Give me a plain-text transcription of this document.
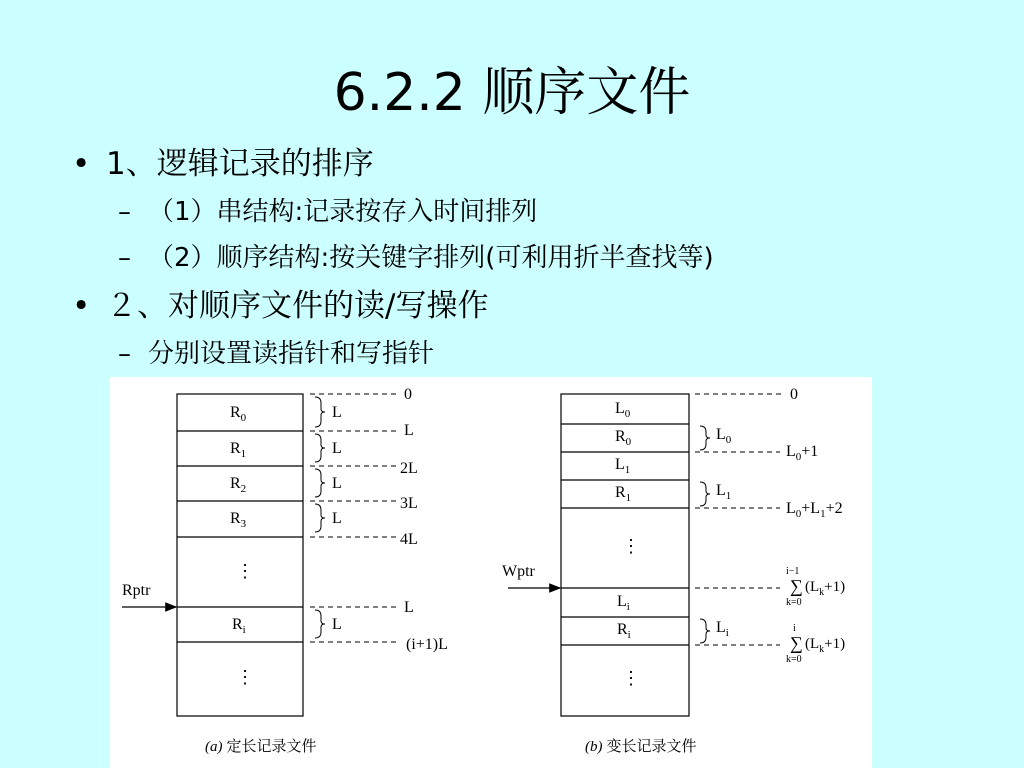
6.2.2 顺序文件
• 1、逻辑记录的排序
– （1）串结构:记录按存入时间排列
– （2）顺序结构:按关键字排列(可利用折半查找等)
• ２、对顺序文件的读/写操作
– 分别设置读指针和写指针
$R_0$
$R_1$
$R_2$
$R_3$
⋮
$R_i$
⋮
L
L
L
L
L
0
L
2L
3L
4L
L
(i+1)L
Rptr
(a) 定长记录文件
$L_0$
$R_0$
$L_1$
$R_1$
⋮
$L_i$
$R_i$
⋮
$L_0$
$L_1$
$L_i$
0
$L_0+1$
$L_0+L_1+2$
i−1
∑ $(L_k+1)$
k=0
i
∑ $(L_k+1)$
k=0
Wptr
(b) 变长记录文件
